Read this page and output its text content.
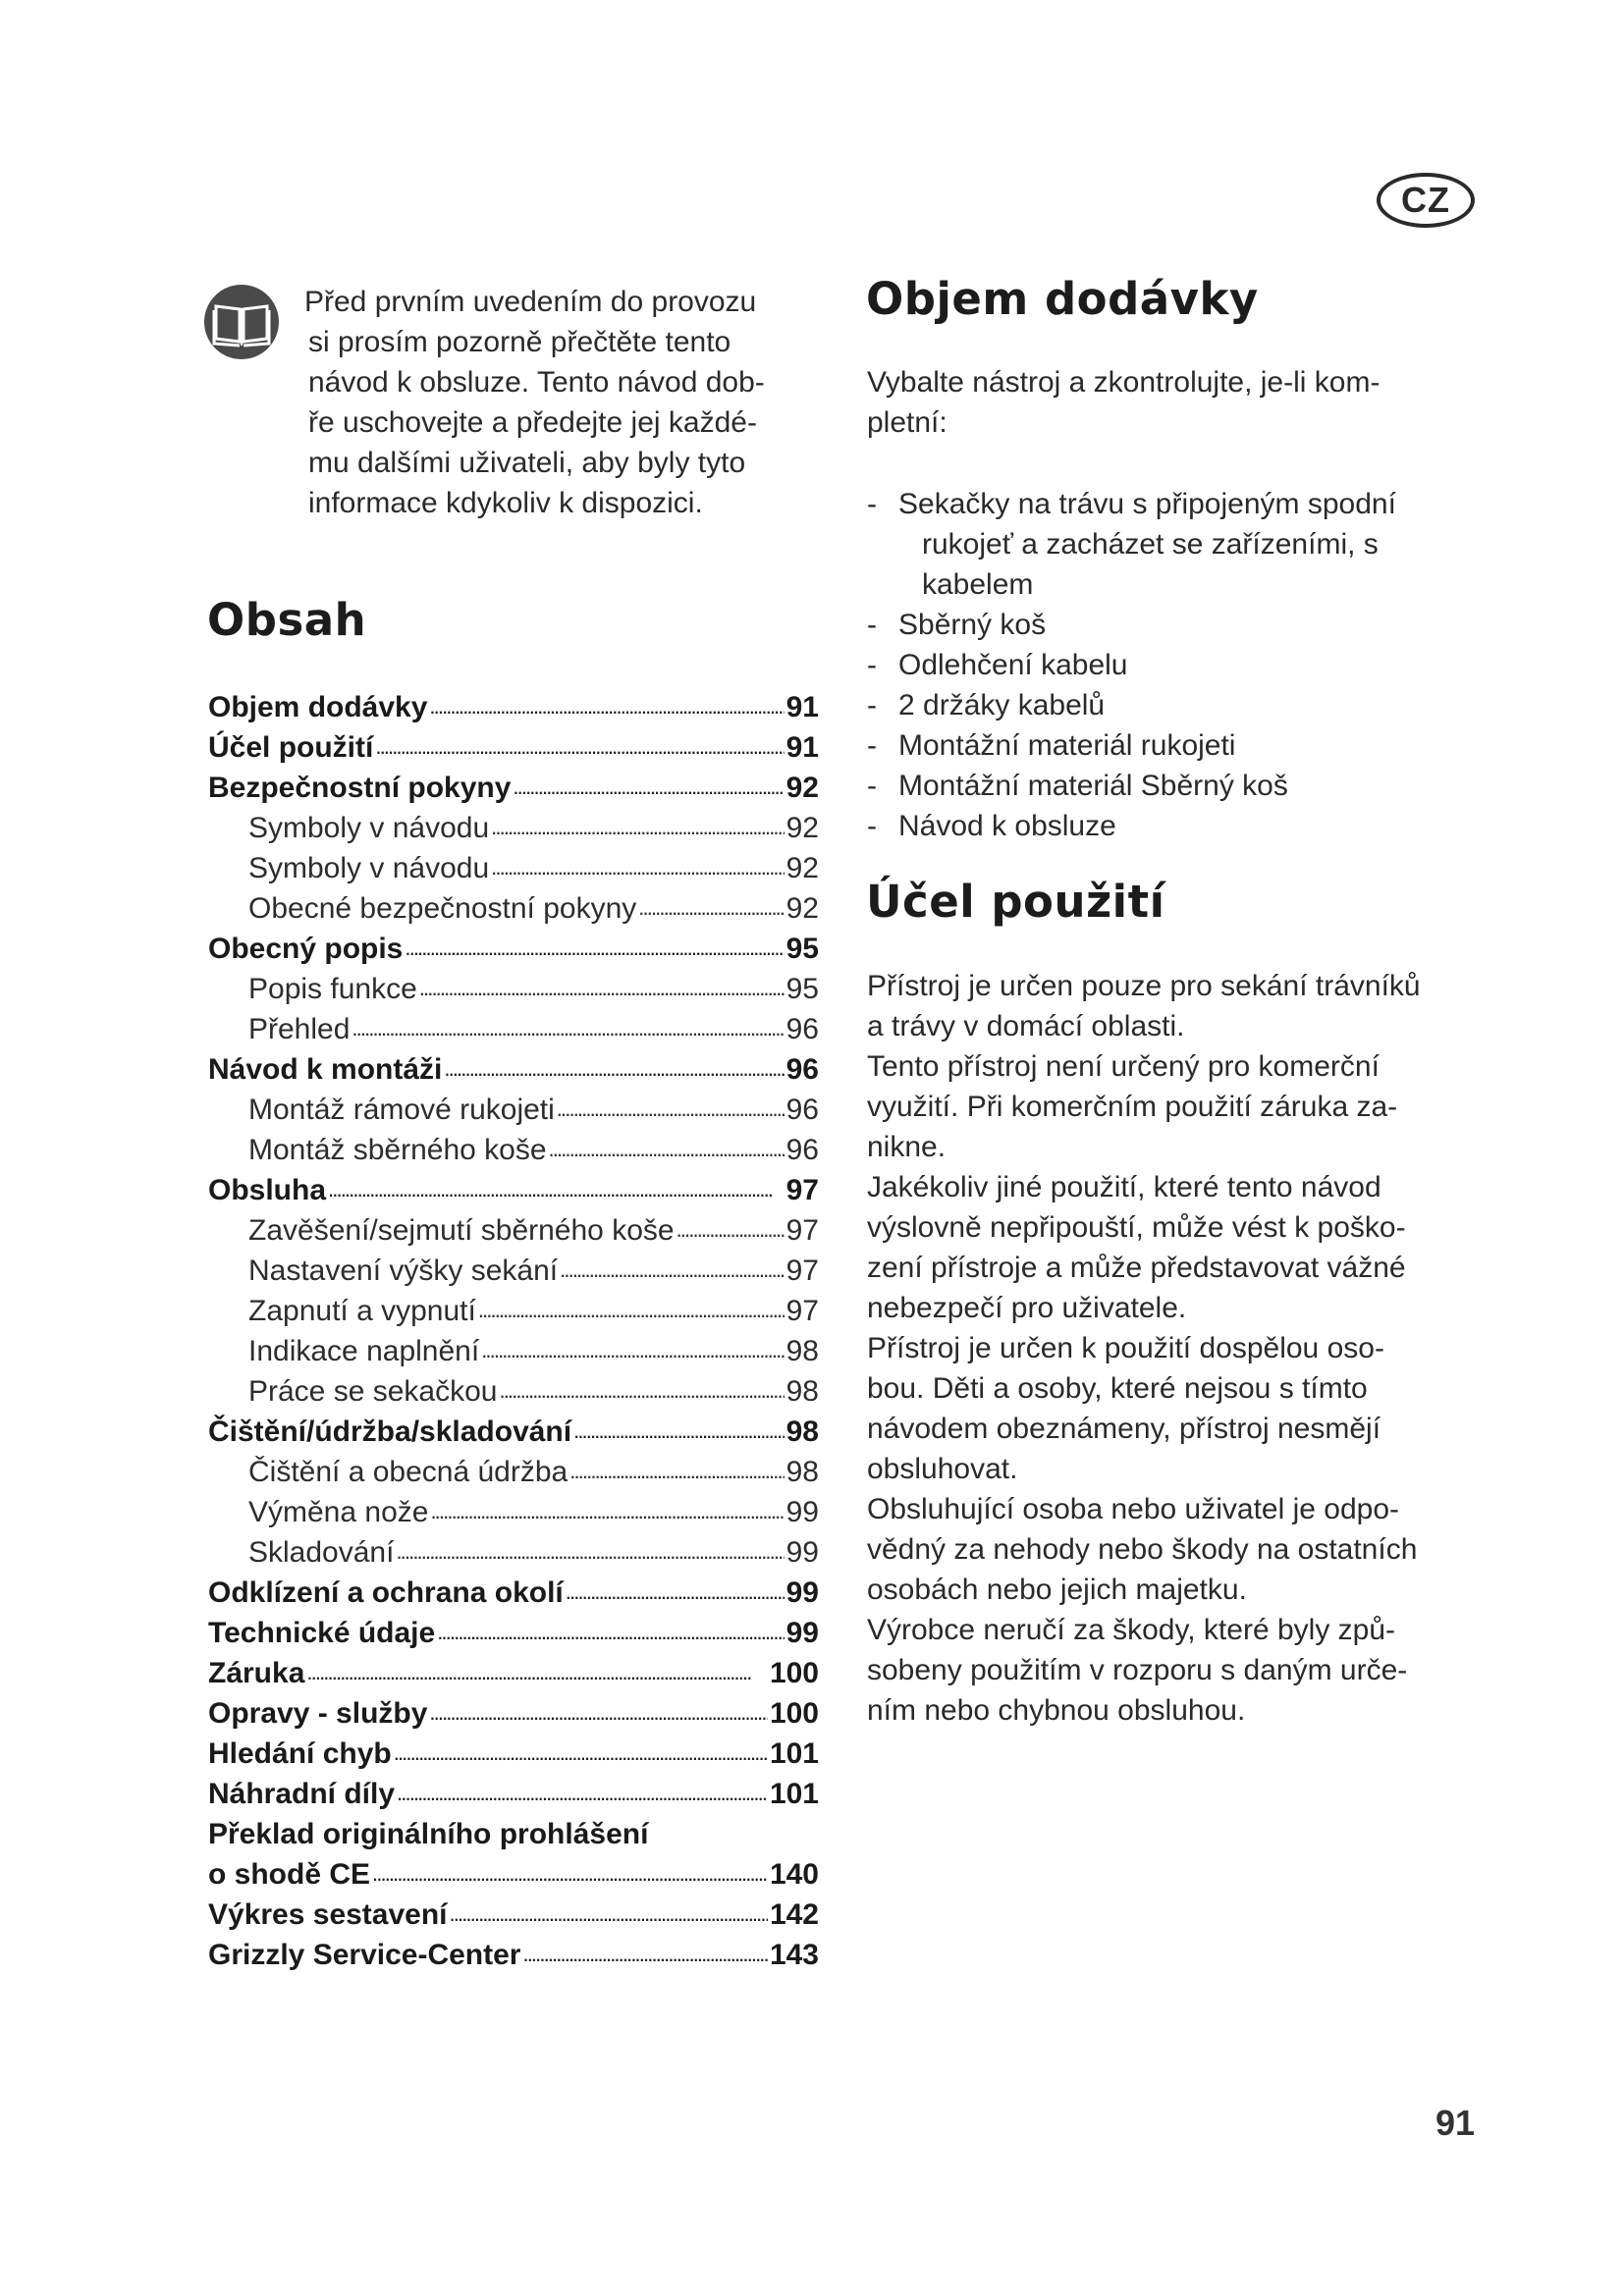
CZ
Před prvním uvedením do provozu
si prosím pozorně přečtěte tento
návod k obsluze. Tento návod dob-
ře uschovejte a předejte jej každé-
mu dalšími uživateli, aby byly tyto
informace kdykoliv k dispozici.
Obsah
Objem dodávky . . .	91
Účel použití . . .	91
Bezpečnostní pokyny . . .	92
Symboly v návodu . . .	92
Symboly v návodu . . .	92
Obecné bezpečnostní pokyny . . .	92
Obecný popis . . .	95
Popis funkce . . .	95
Přehled . . .	96
Návod k montáži . . .	96
Montáž rámové rukojeti . . .	96
Montáž sběrného koše . . .	96
Obsluha . . .	97
Zavěšení/sejmutí sběrného koše . . .	97
Nastavení výšky sekání . . .	97
Zapnutí a vypnutí . . .	97
Indikace naplnění . . .	98
Práce se sekačkou . . .	98
Čištění/údržba/skladování . . .	98
Čištění a obecná údržba . . .	98
Výměna nože . . .	99
Skladování . . .	99
Odklízení a ochrana okolí . . .	99
Technické údaje . . .	99
Záruka . . .	100
Opravy - služby . . .	100
Hledání chyb . . .	101
Náhradní díly . . .	101
Překlad originálního prohlášení
o shodě CE . . .	140
Výkres sestavení . . .	142
Grizzly Service-Center . . .	143
Objem dodávky
Vybalte nástroj a zkontrolujte, je-li kom-
pletní:
- Sekačky na trávu s připojeným spodní
rukojeť a zacházet se zařízeními, s
kabelem
- Sběrný koš
- Odlehčení kabelu
- 2 držáky kabelů
- Montážní materiál rukojeti
- Montážní materiál Sběrný koš
- Návod k obsluze
Účel použití
Přístroj je určen pouze pro sekání trávníků
a trávy v domácí oblasti.
Tento přístroj není určený pro komerční
využití. Při komerčním použití záruka za-
nikne.
Jakékoliv jiné použití, které tento návod
výslovně nepřipouští, může vést k poško-
zení přístroje a může představovat vážné
nebezpečí pro uživatele.
Přístroj je určen k použití dospělou oso-
bou. Děti a osoby, které nejsou s tímto
návodem obeznámeny, přístroj nesmějí
obsluhovat.
Obsluhující osoba nebo uživatel je odpo-
vědný za nehody nebo škody na ostatních
osobách nebo jejich majetku.
Výrobce neručí za škody, které byly způ-
sobeny použitím v rozporu s daným urče-
ním nebo chybnou obsluhou.
91
